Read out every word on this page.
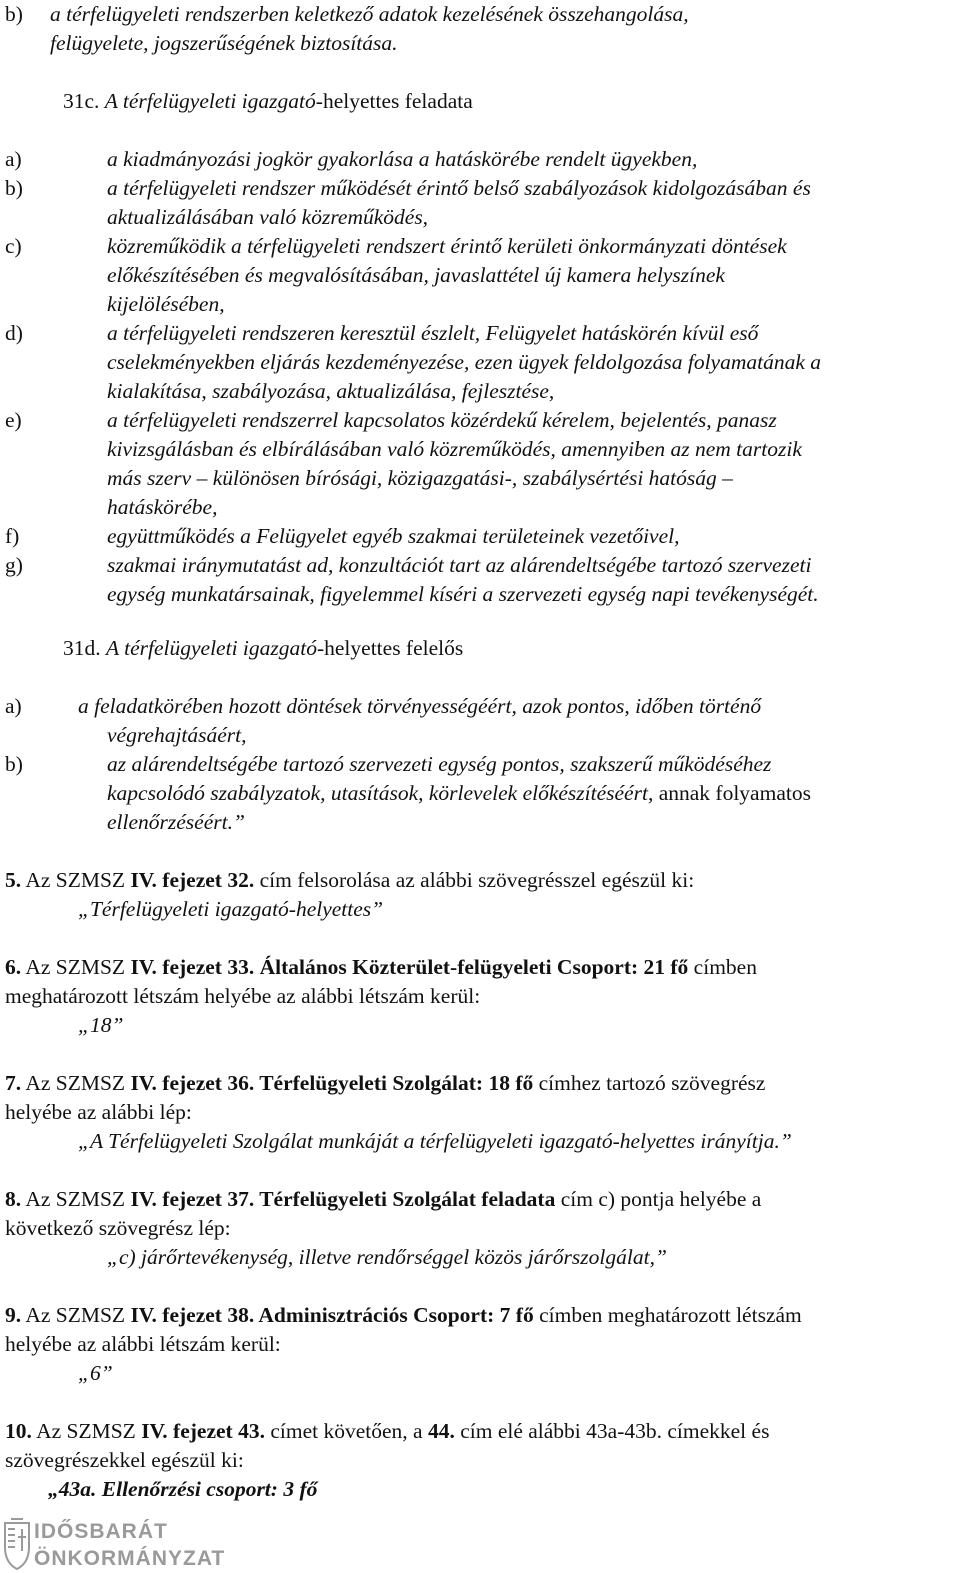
b) a térfelügyeleti rendszerben keletkező adatok kezelésének összehangolása,
felügyelete, jogszerűségének biztosítása.
31c. A térfelügyeleti igazgató-helyettes feladata
a)	a kiadmányozási jogkör gyakorlása a hatáskörébe rendelt ügyekben,
b)	a térfelügyeleti rendszer működését érintő belső szabályozások kidolgozásában és
aktualizálásában való közreműködés,
c)	közreműködik a térfelügyeleti rendszert érintő kerületi önkormányzati döntések
előkészítésében és megvalósításában, javaslattétel új kamera helyszínek
kijelölésében,
d)	a térfelügyeleti rendszeren keresztül észlelt, Felügyelet hatáskörén kívül eső
cselekményekben eljárás kezdeményezése, ezen ügyek feldolgozása folyamatának a
kialakítása, szabályozása, aktualizálása, fejlesztése,
e)	a térfelügyeleti rendszerrel kapcsolatos közérdekű kérelem, bejelentés, panasz
kivizsgálásban és elbírálásában való közreműködés, amennyiben az nem tartozik
más szerv – különösen bírósági, közigazgatási-, szabálysértési hatóság –
hatáskörébe,
f)	együttműködés a Felügyelet egyéb szakmai területeinek vezetőivel,
g)	szakmai iránymutatást ad, konzultációt tart az alárendeltségébe tartozó szervezeti
egység munkatársainak, figyelemmel kíséri a szervezeti egység napi tevékenységét.
31d. A térfelügyeleti igazgató-helyettes felelős
a)	a feladatkörében hozott döntések törvényességéért, azok pontos, időben történő
végrehajtásáért,
b)	az alárendeltségébe tartozó szervezeti egység pontos, szakszerű működéséhez
kapcsolódó szabályzatok, utasítások, körlevelek előkészítéséért, annak folyamatos
ellenőrzéséért.”
5. Az SZMSZ IV. fejezet 32. cím felsorolása az alábbi szövegrésszel egészül ki:
„Térfelügyeleti igazgató-helyettes”
6. Az SZMSZ IV. fejezet 33. Általános Közterület-felügyeleti Csoport: 21 fő címben
meghatározott létszám helyébe az alábbi létszám kerül:
„18”
7. Az SZMSZ IV. fejezet 36. Térfelügyeleti Szolgálat: 18 fő címhez tartozó szövegrész
helyébe az alábbi lép:
„A Térfelügyeleti Szolgálat munkáját a térfelügyeleti igazgató-helyettes irányítja.”
8. Az SZMSZ IV. fejezet 37. Térfelügyeleti Szolgálat feladata cím c) pontja helyébe a
következő szövegrész lép:
„c) járőrtevékenység, illetve rendőrséggel közös járőrszolgálat,”
9. Az SZMSZ IV. fejezet 38. Adminisztrációs Csoport: 7 fő címben meghatározott létszám
helyébe az alábbi létszám kerül:
„6”
10. Az SZMSZ IV. fejezet 43. címet követően, a 44. cím elé alábbi 43a-43b. címekkel és
szövegrészekkel egészül ki:
„43a. Ellenőrzési csoport: 3 fő
IDŐSBARÁT
ÖNKORMÁNYZAT
